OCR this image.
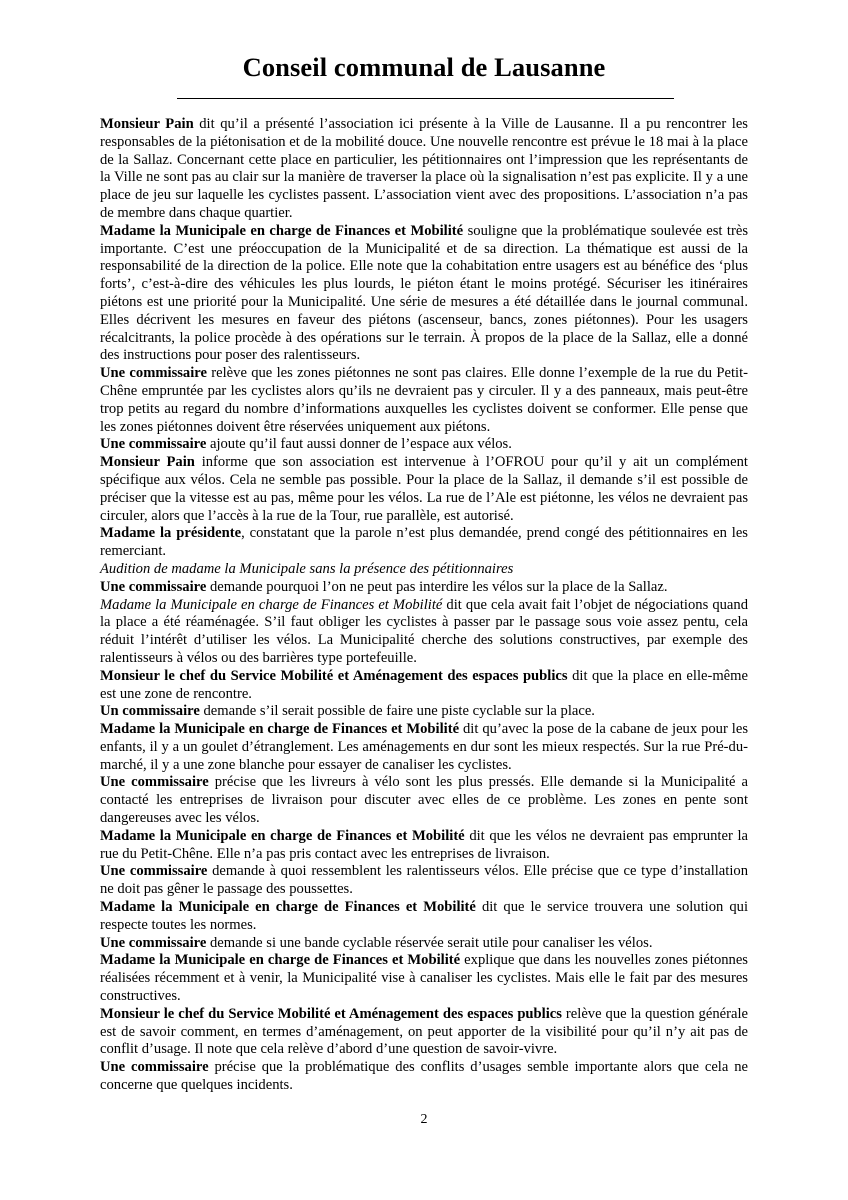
Conseil communal de Lausanne

Monsieur Pain dit qu’il a présenté l’association ici présente à la Ville de Lausanne. Il a pu rencontrer les responsables de la piétonisation et de la mobilité douce. Une nouvelle rencontre est prévue le 18 mai à la place de la Sallaz. Concernant cette place en particulier, les pétitionnaires ont l’impression que les représentants de la Ville ne sont pas au clair sur la manière de traverser la place où la signalisation n’est pas explicite. Il y a une place de jeu sur laquelle les cyclistes passent. L’association vient avec des propositions. L’association n’a pas de membre dans chaque quartier.

Madame la Municipale en charge de Finances et Mobilité souligne que la problématique soulevée est très importante. C’est une préoccupation de la Municipalité et de sa direction. La thématique est aussi de la responsabilité de la direction de la police. Elle note que la cohabitation entre usagers est au bénéfice des ‘plus forts’, c’est-à-dire des véhicules les plus lourds, le piéton étant le moins protégé. Sécuriser les itinéraires piétons est une priorité pour la Municipalité. Une série de mesures a été détaillée dans le journal communal. Elles décrivent les mesures en faveur des piétons (ascenseur, bancs, zones piétonnes). Pour les usagers récalcitrants, la police procède à des opérations sur le terrain. À propos de la place de la Sallaz, elle a donné des instructions pour poser des ralentisseurs.

Une commissaire relève que les zones piétonnes ne sont pas claires. Elle donne l’exemple de la rue du Petit-Chêne empruntée par les cyclistes alors qu’ils ne devraient pas y circuler. Il y a des panneaux, mais peut-être trop petits au regard du nombre d’informations auxquelles les cyclistes doivent se conformer. Elle pense que les zones piétonnes doivent être réservées uniquement aux piétons.

Une commissaire ajoute qu’il faut aussi donner de l’espace aux vélos.

Monsieur Pain informe que son association est intervenue à l’OFROU pour qu’il y ait un complément spécifique aux vélos. Cela ne semble pas possible. Pour la place de la Sallaz, il demande s’il est possible de préciser que la vitesse est au pas, même pour les vélos. La rue de l’Ale est piétonne, les vélos ne devraient pas circuler, alors que l’accès à la rue de la Tour, rue parallèle, est autorisé.

Madame la présidente, constatant que la parole n’est plus demandée, prend congé des pétitionnaires en les remerciant.

Audition de madame la Municipale sans la présence des pétitionnaires

Une commissaire demande pourquoi l’on ne peut pas interdire les vélos sur la place de la Sallaz.

Madame la Municipale en charge de Finances et Mobilité dit que cela avait fait l’objet de négociations quand la place a été réaménagée. S’il faut obliger les cyclistes à passer par le passage sous voie assez pentu, cela réduit l’intérêt d’utiliser les vélos. La Municipalité cherche des solutions constructives, par exemple des ralentisseurs à vélos ou des barrières type portefeuille.

Monsieur le chef du Service Mobilité et Aménagement des espaces publics dit que la place en elle-même est une zone de rencontre.

Un commissaire demande s’il serait possible de faire une piste cyclable sur la place.

Madame la Municipale en charge de Finances et Mobilité dit qu’avec la pose de la cabane de jeux pour les enfants, il y a un goulet d’étranglement. Les aménagements en dur sont les mieux respectés. Sur la rue Pré-du-marché, il y a une zone blanche pour essayer de canaliser les cyclistes.

Une commissaire précise que les livreurs à vélo sont les plus pressés. Elle demande si la Municipalité a contacté les entreprises de livraison pour discuter avec elles de ce problème. Les zones en pente sont dangereuses avec les vélos.

Madame la Municipale en charge de Finances et Mobilité dit que les vélos ne devraient pas emprunter la rue du Petit-Chêne. Elle n’a pas pris contact avec les entreprises de livraison.

Une commissaire demande à quoi ressemblent les ralentisseurs vélos. Elle précise que ce type d’installation ne doit pas gêner le passage des poussettes.

Madame la Municipale en charge de Finances et Mobilité dit que le service trouvera une solution qui respecte toutes les normes.

Une commissaire demande si une bande cyclable réservée serait utile pour canaliser les vélos.

Madame la Municipale en charge de Finances et Mobilité explique que dans les nouvelles zones piétonnes réalisées récemment et à venir, la Municipalité vise à canaliser les cyclistes. Mais elle le fait par des mesures constructives.

Monsieur le chef du Service Mobilité et Aménagement des espaces publics relève que la question générale est de savoir comment, en termes d’aménagement, on peut apporter de la visibilité pour qu’il n’y ait pas de conflit d’usage. Il note que cela relève d’abord d’une question de savoir-vivre.

Une commissaire précise que la problématique des conflits d’usages semble importante alors que cela ne concerne que quelques incidents.

2
